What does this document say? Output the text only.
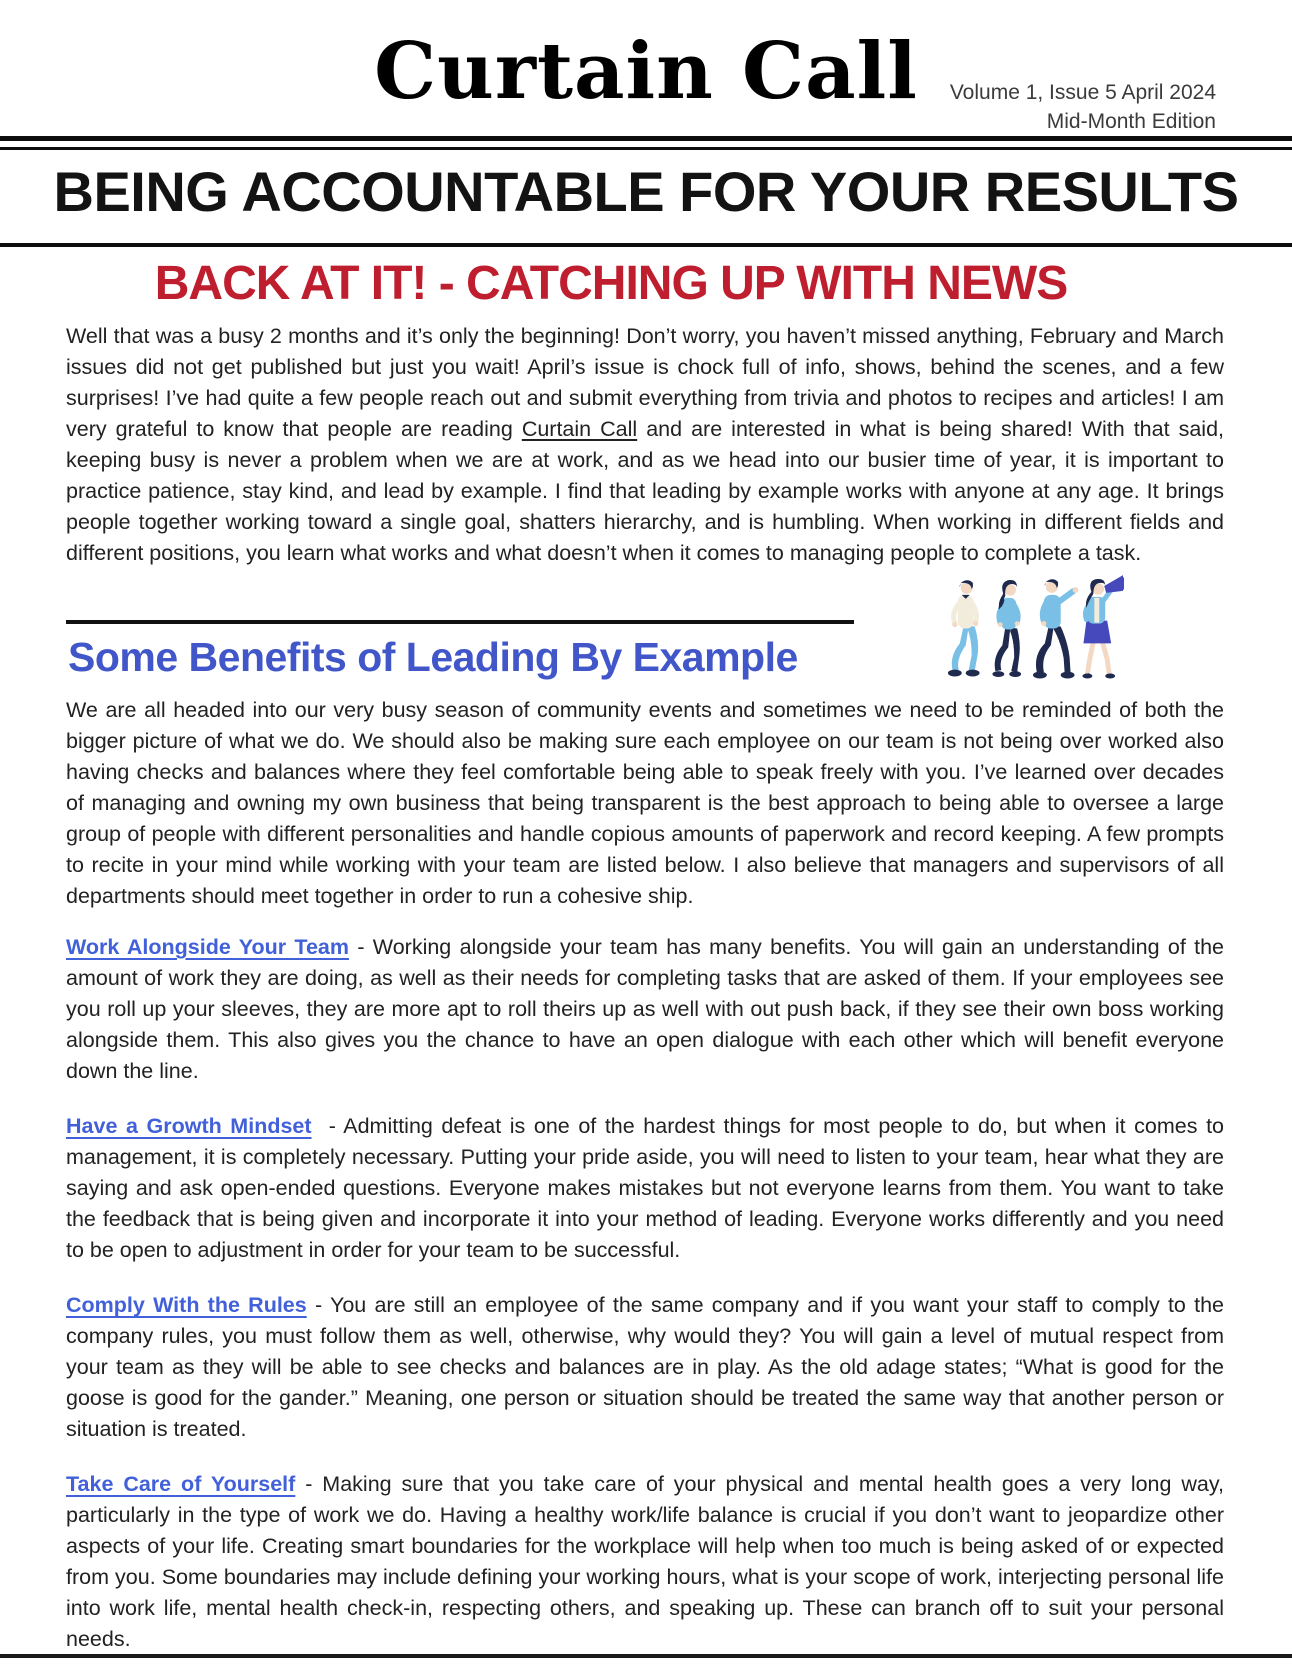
Curtain Call	Volume 1, Issue 5 April 2024
Mid-Month Edition
BEING ACCOUNTABLE FOR YOUR RESULTS
BACK AT IT! - CATCHING UP WITH NEWS

Well that was a busy 2 months and it’s only the beginning! Don’t worry, you haven’t missed anything, February and March issues did not get published but just you wait! April’s issue is chock full of info, shows, behind the scenes, and a few surprises! I’ve had quite a few people reach out and submit everything from trivia and photos to recipes and articles! I am very grateful to know that people are reading Curtain Call and are interested in what is being shared! With that said, keeping busy is never a problem when we are at work, and as we head into our busier time of year, it is important to practice patience, stay kind, and lead by example. I find that leading by example works with anyone at any age. It brings people together working toward a single goal, shatters hierarchy, and is humbling. When working in different fields and different positions, you learn what works and what doesn’t when it comes to managing people to complete a task.

Some Benefits of Leading By Example

We are all headed into our very busy season of community events and sometimes we need to be reminded of both the bigger picture of what we do. We should also be making sure each employee on our team is not being over worked also having checks and balances where they feel comfortable being able to speak freely with you. I’ve learned over decades of managing and owning my own business that being transparent is the best approach to being able to oversee a large group of people with different personalities and handle copious amounts of paperwork and record keeping. A few prompts to recite in your mind while working with your team are listed below. I also believe that managers and supervisors of all departments should meet together in order to run a cohesive ship.

Work Alongside Your Team - Working alongside your team has many benefits. You will gain an understanding of the amount of work they are doing, as well as their needs for completing tasks that are asked of them. If your employees see you roll up your sleeves, they are more apt to roll theirs up as well with out push back, if they see their own boss working alongside them. This also gives you the chance to have an open dialogue with each other which will benefit everyone down the line.

Have a Growth Mindset  - Admitting defeat is one of the hardest things for most people to do, but when it comes to management, it is completely necessary. Putting your pride aside, you will need to listen to your team, hear what they are saying and ask open-ended questions. Everyone makes mistakes but not everyone learns from them. You want to take the feedback that is being given and incorporate it into your method of leading. Everyone works differently and you need to be open to adjustment in order for your team to be successful.

Comply With the Rules - You are still an employee of the same company and if you want your staff to comply to the company rules, you must follow them as well, otherwise, why would they? You will gain a level of mutual respect from your team as they will be able to see checks and balances are in play. As the old adage states; “What is good for the goose is good for the gander.” Meaning, one person or situation should be treated the same way that another person or situation is treated.

Take Care of Yourself - Making sure that you take care of your physical and mental health goes a very long way, particularly in the type of work we do. Having a healthy work/life balance is crucial if you don’t want to jeopardize other aspects of your life. Creating smart boundaries for the workplace will help when too much is being asked of or expected from you. Some boundaries may include defining your working hours, what is your scope of work, interjecting personal life into work life, mental health check-in, respecting others, and speaking up. These can branch off to suit your personal needs.
